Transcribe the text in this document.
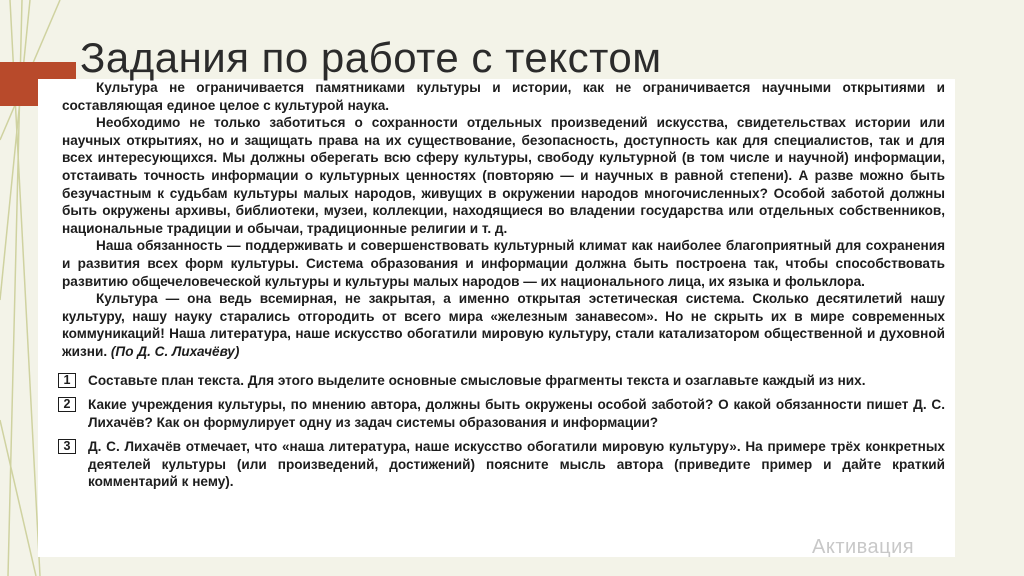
Задания по работе с текстом
Культура не ограничивается памятниками культуры и истории, как не ограничивается научными открытиями и составляющая единое целое с культурой наука.
Необходимо не только заботиться о сохранности отдельных произведений искусства, свидетельствах истории или научных открытиях, но и защищать права на их существование, безопасность, доступность как для специалистов, так и для всех интересующихся. Мы должны оберегать всю сферу культуры, свободу культурной (в том числе и научной) информации, отстаивать точность информации о культурных ценностях (повторяю — и научных в равной степени). А разве можно быть безучастным к судьбам культуры малых народов, живущих в окружении народов многочисленных? Особой заботой должны быть окружены архивы, библиотеки, музеи, коллекции, находящиеся во владении государства или отдельных собственников, национальные традиции и обычаи, традиционные религии и т. д.
Наша обязанность — поддерживать и совершенствовать культурный климат как наиболее благоприятный для сохранения и развития всех форм культуры. Система образования и информации должна быть построена так, чтобы способствовать развитию общечеловеческой культуры и культуры малых народов — их национального лица, их языка и фольклора.
Культура — она ведь всемирная, не закрытая, а именно открытая эстетическая система. Сколько десятилетий нашу культуру, нашу науку старались отгородить от всего мира «железным занавесом». Но не скрыть их в мире современных коммуникаций! Наша литература, наше искусство обогатили мировую культуру, стали катализатором общественной и духовной жизни. (По Д. С. Лихачёву)
1	Составьте план текста. Для этого выделите основные смысловые фрагменты текста и озаглавьте каждый из них.
2	Какие учреждения культуры, по мнению автора, должны быть окружены особой заботой? О какой обязанности пишет Д. С. Лихачёв? Как он формулирует одну из задач системы образования и информации?
3	Д. С. Лихачёв отмечает, что «наша литература, наше искусство обогатили мировую культуру». На примере трёх конкретных деятелей культуры (или произведений, достижений) поясните мысль автора (приведите пример и дайте краткий комментарий к нему).
Активация
